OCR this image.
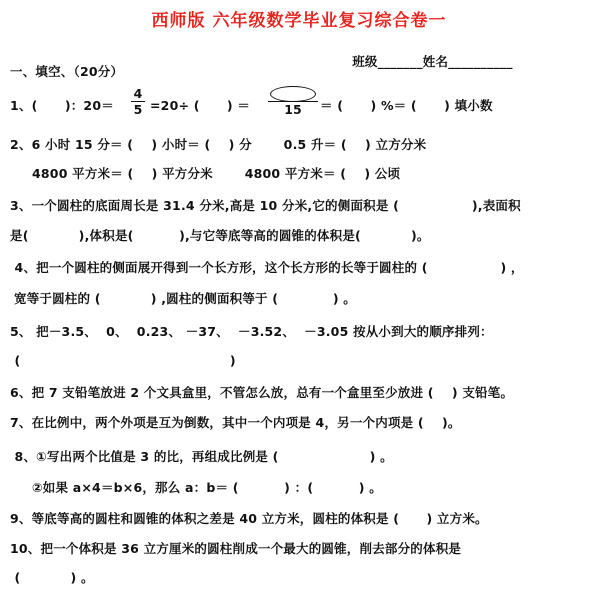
西师版 六年级数学毕业复习综合卷一

班级_______姓名__________

一、填空、（20分）
1、(      )：20＝
4
5 =20÷ (      ) ＝	15	＝ (      ) %＝ (      ) 填小数
2、6 小时 15 分＝ (    ) 小时＝ (    ) 分       0.5 升＝ (    ) 立方分米
4800 平方米＝ (    ) 平方分米       4800 平方米＝ (    ) 公顷
3、一个圆柱的底面周长是 31.4 分米,高是 10 分米,它的侧面积是 (                ),表面积
是(           ),体积是(          ),与它等底等高的圆锥的体积是(           )。
4、把一个圆柱的侧面展开得到一个长方形，这个长方形的长等于圆柱的 (                ) ，
宽等于圆柱的 (           ) ,圆柱的侧面积等于 (            ) 。
5、 把－3.5、  0、  0.23、 －37、  －3.52、  －3.05 按从小到大的顺序排列：
(                                              )
6、把 7 支铅笔放进 2 个文具盒里，不管怎么放，总有一个盒里至少放进 (    ) 支铅笔。
7、在比例中，两个外项是互为倒数，其中一个内项是 4，另一个内项是 (    )。
8、①写出两个比值是 3 的比，再组成比例是 (                    ) 。
②如果 a×4＝b×6，那么 a：b＝ (          ) ：(          ) 。
9、等底等高的圆柱和圆锥的体积之差是 40 立方米，圆柱的体积是 (      ) 立方米。
10、把一个体积是 36 立方厘米的圆柱削成一个最大的圆锥，削去部分的体积是
(           ) 。
